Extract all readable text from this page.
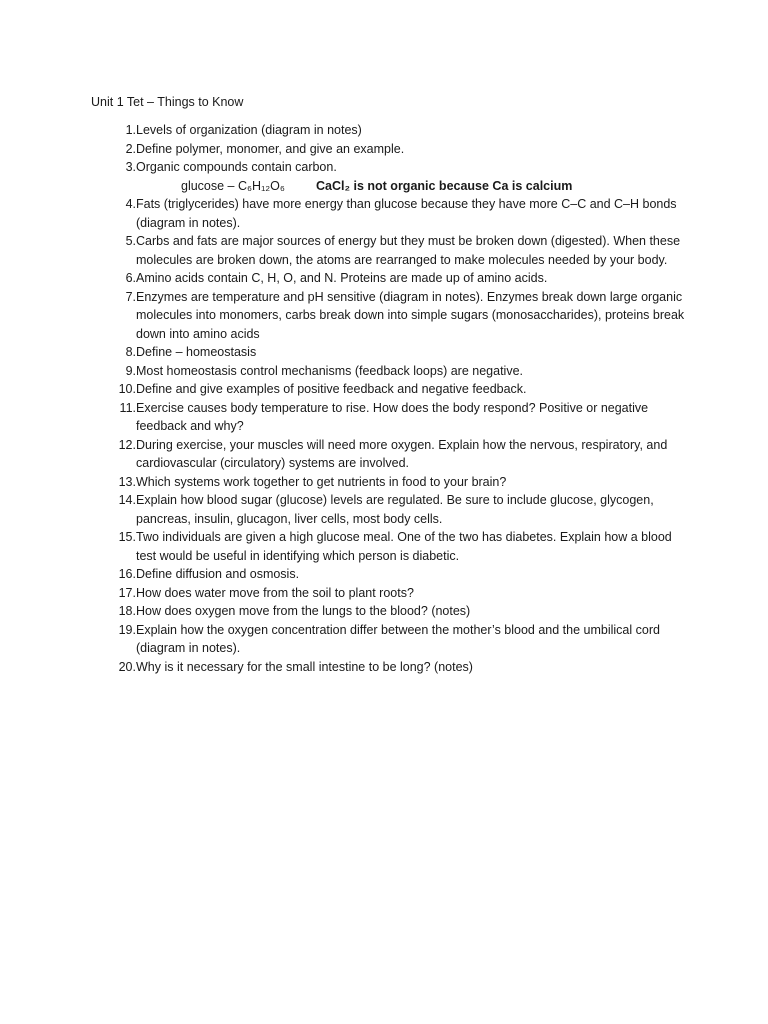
Unit 1 Tet – Things to Know
1. Levels of organization (diagram in notes)
2. Define polymer, monomer, and give an example.
3. Organic compounds contain carbon.
glucose – C₆H₁₂O₆	CaCl₂ is not organic because Ca is calcium
4. Fats (triglycerides) have more energy than glucose because they have more C–C and C–H bonds (diagram in notes).
5. Carbs and fats are major sources of energy but they must be broken down (digested). When these molecules are broken down, the atoms are rearranged to make molecules needed by your body.
6. Amino acids contain C, H, O, and N. Proteins are made up of amino acids.
7. Enzymes are temperature and pH sensitive (diagram in notes). Enzymes break down large organic molecules into monomers, carbs break down into simple sugars (monosaccharides), proteins break down into amino acids
8. Define – homeostasis
9. Most homeostasis control mechanisms (feedback loops) are negative.
10. Define and give examples of positive feedback and negative feedback.
11. Exercise causes body temperature to rise. How does the body respond? Positive or negative feedback and why?
12. During exercise, your muscles will need more oxygen. Explain how the nervous, respiratory, and cardiovascular (circulatory) systems are involved.
13. Which systems work together to get nutrients in food to your brain?
14. Explain how blood sugar (glucose) levels are regulated. Be sure to include glucose, glycogen, pancreas, insulin, glucagon, liver cells, most body cells.
15. Two individuals are given a high glucose meal. One of the two has diabetes. Explain how a blood test would be useful in identifying which person is diabetic.
16. Define diffusion and osmosis.
17. How does water move from the soil to plant roots?
18. How does oxygen move from the lungs to the blood? (notes)
19. Explain how the oxygen concentration differ between the mother’s blood and the umbilical cord (diagram in notes).
20. Why is it necessary for the small intestine to be long? (notes)
